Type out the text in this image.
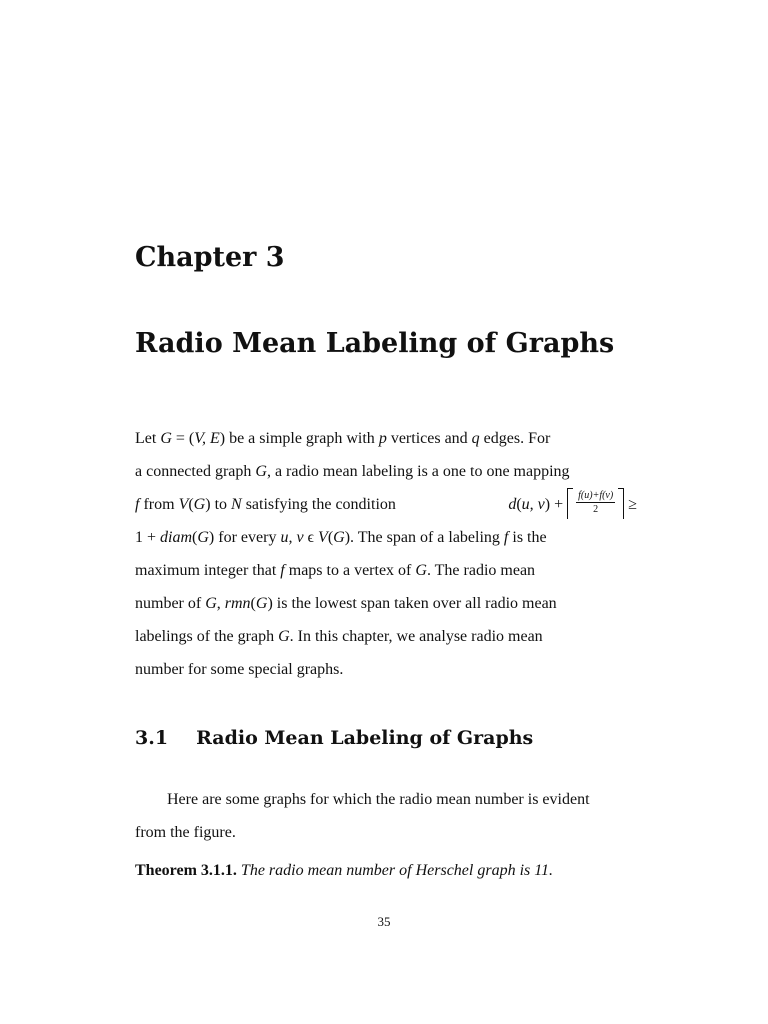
Chapter 3
Radio Mean Labeling of Graphs
Let G = (V, E) be a simple graph with p vertices and q edges. For
a connected graph G, a radio mean labeling is a one to one mapping
f from V(G) to N satisfying the condition	d(u, $v) + \frac{f(u)+f(v)}{2}$ ≥
1 + diam(G) for every u, v ϵ V(G). The span of a labeling f is the
maximum integer that f maps to a vertex of G. The radio mean
number of G, rmn(G) is the lowest span taken over all radio mean
labelings of the graph G. In this chapter, we analyse radio mean
number for some special graphs.
3.1 Radio Mean Labeling of Graphs
Here are some graphs for which the radio mean number is evident
from the figure.
Theorem 3.1.1. The radio mean number of Herschel graph is 11.
35
